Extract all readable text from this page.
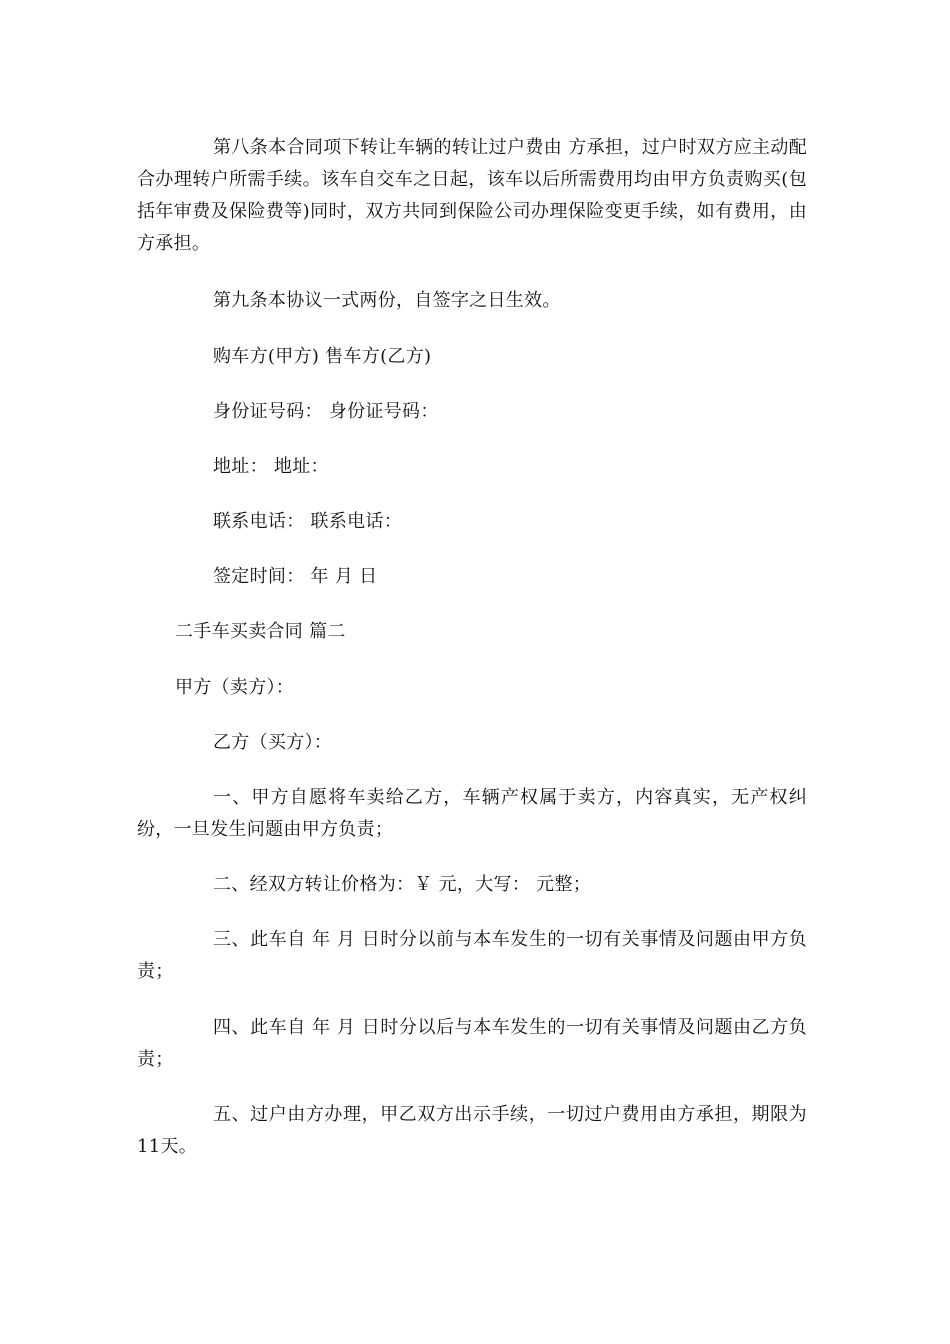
第八条本合同项下转让车辆的转让过户费由 方承担，过户时双方应主动配合办理转户所需手续。该车自交车之日起，该车以后所需费用均由甲方负责购买(包括年审费及保险费等)同时，双方共同到保险公司办理保险变更手续，如有费用，由 方承担。

第九条本协议一式两份，自签字之日生效。

购车方(甲方) 售车方(乙方)

身份证号码： 身份证号码：

地址： 地址：

联系电话： 联系电话：

签定时间： 年 月 日

二手车买卖合同 篇二

甲方（卖方）：

乙方（买方）：

一、甲方自愿将车卖给乙方，车辆产权属于卖方，内容真实，无产权纠纷，一旦发生问题由甲方负责；

二、经双方转让价格为：￥ 元，大写： 元整；

三、此车自 年 月 日时分以前与本车发生的一切有关事情及问题由甲方负责；

四、此车自 年 月 日时分以后与本车发生的一切有关事情及问题由乙方负责；

五、过户由方办理，甲乙双方出示手续，一切过户费用由方承担，期限为11天。
